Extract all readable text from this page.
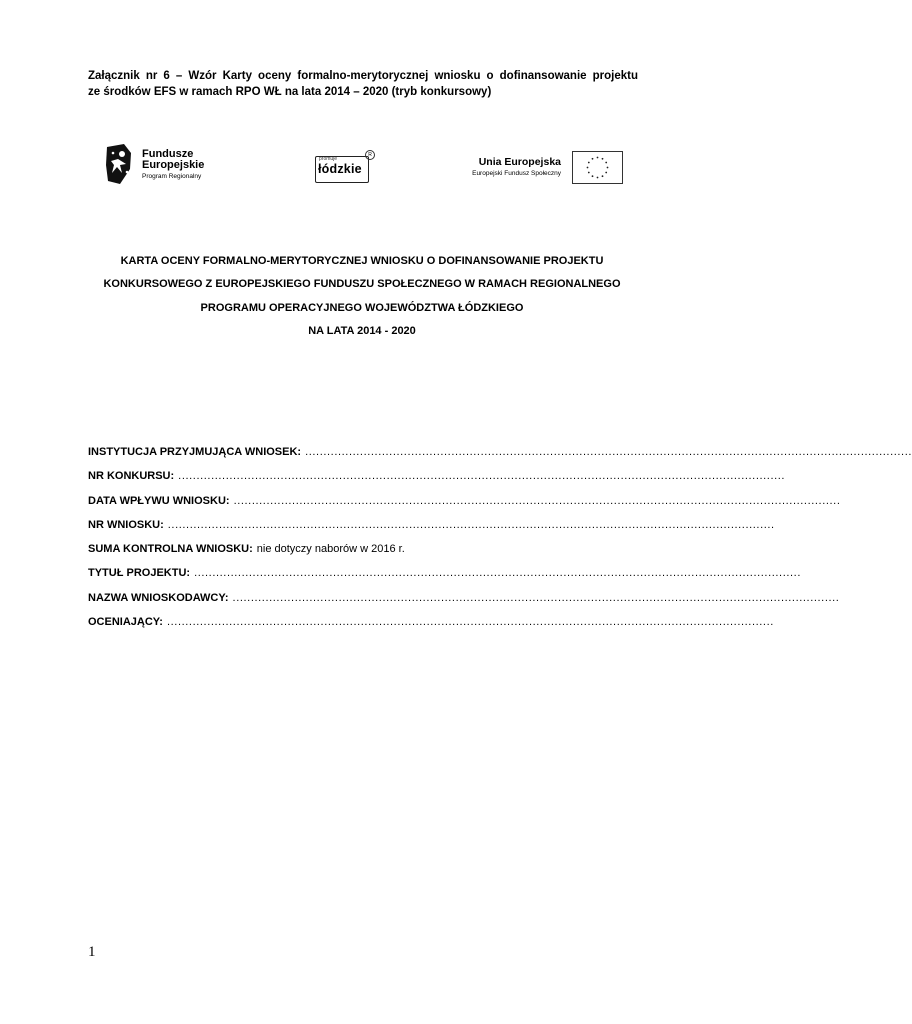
Załącznik nr 6 – Wzór Karty oceny formalno-merytorycznej wniosku o dofinansowanie projektu
ze środków EFS w ramach RPO WŁ na lata 2014 – 2020 (tryb konkursowy)
Fundusze
Europejskie
Program Regionalny
promuje
łódzkie
R
Unia Europejska
Europejski Fundusz Społeczny
KARTA OCENY FORMALNO-MERYTORYCZNEJ WNIOSKU O DOFINANSOWANIE PROJEKTU
KONKURSOWEGO Z EUROPEJSKIEGO FUNDUSZU SPOŁECZNEGO W RAMACH REGIONALNEGO
PROGRAMU OPERACYJNEGO WOJEWÓDZTWA ŁÓDZKIEGO
NA LATA 2014 - 2020
INSTYTUCJA PRZYJMUJĄCA WNIOSEK: ......................................................................................................................................................................
NR KONKURSU: ......................................................................................................................................................................
DATA WPŁYWU WNIOSKU: ......................................................................................................................................................................
NR WNIOSKU: ......................................................................................................................................................................
SUMA KONTROLNA WNIOSKU: nie dotyczy naborów w 2016 r.
TYTUŁ PROJEKTU: ......................................................................................................................................................................
NAZWA WNIOSKODAWCY: ......................................................................................................................................................................
OCENIAJĄCY: ......................................................................................................................................................................
1
